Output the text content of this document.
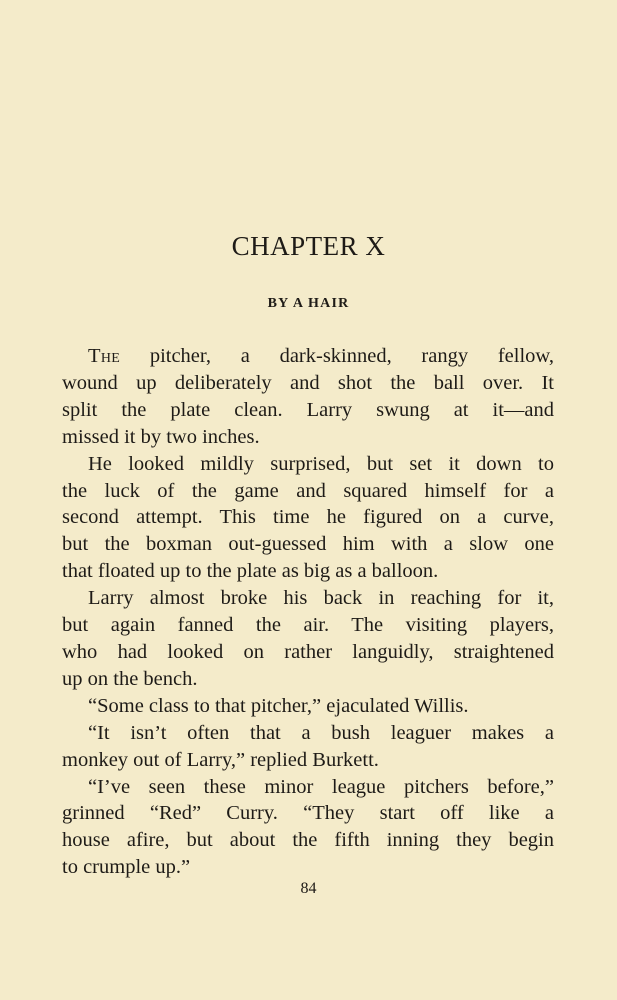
CHAPTER X
BY A HAIR

The pitcher, a dark-skinned, rangy fellow,
wound up deliberately and shot the ball over. It
split the plate clean. Larry swung at it—and
missed it by two inches.

He looked mildly surprised, but set it down to
the luck of the game and squared himself for a
second attempt. This time he figured on a curve,
but the boxman out-guessed him with a slow one
that floated up to the plate as big as a balloon.

Larry almost broke his back in reaching for it,
but again fanned the air. The visiting players,
who had looked on rather languidly, straightened
up on the bench.

“Some class to that pitcher,” ejaculated Willis.

“It isn’t often that a bush leaguer makes a
monkey out of Larry,” replied Burkett.

“I’ve seen these minor league pitchers before,”
grinned “Red” Curry. “They start off like a
house afire, but about the fifth inning they begin
to crumple up.”

84
